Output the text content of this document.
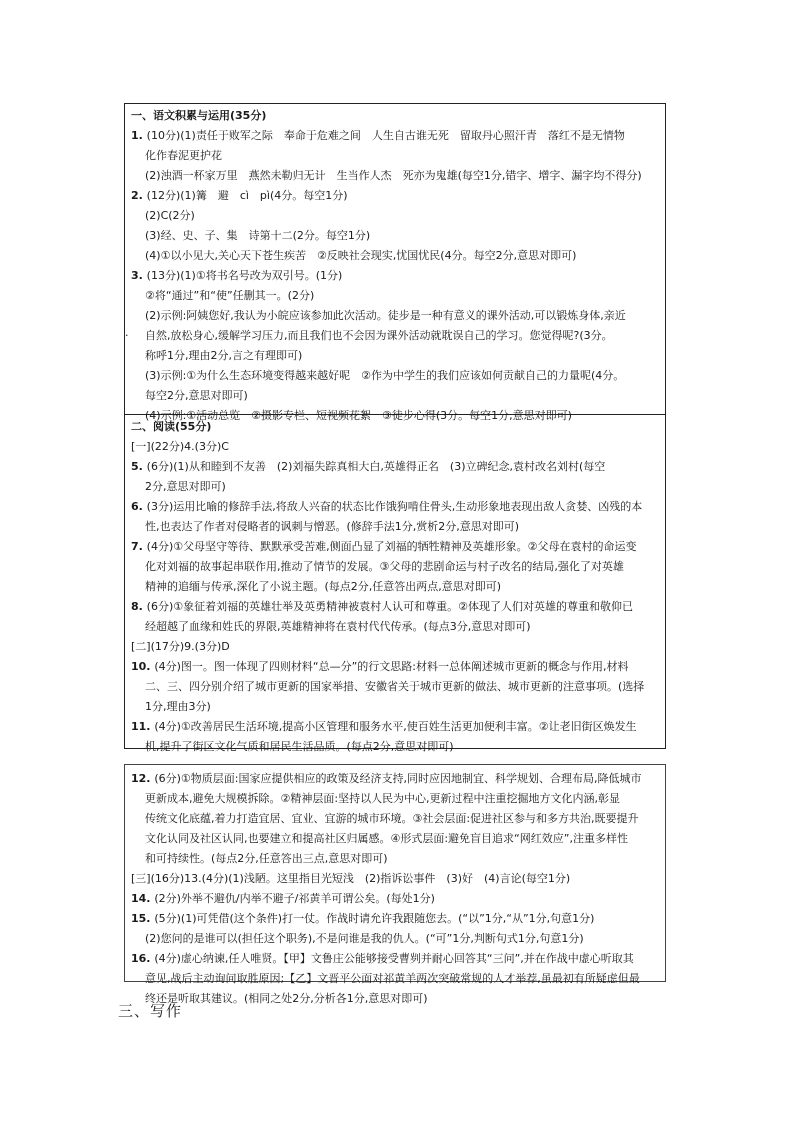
一、语文积累与运用(35分)
1. (10分)(1)责任于败军之际　奉命于危难之间　人生自古谁无死　留取丹心照汗青　落红不是无情物
化作春泥更护花
(2)浊酒一杯家万里　燕然未勒归无计　生当作人杰　死亦为鬼雄(每空1分,错字、增字、漏字均不得分)
2. (12分)(1)篝　避　cì　pì(4分。每空1分)
(2)C(2分)
(3)经、史、子、集　诗第十二(2分。每空1分)
(4)①以小见大,关心天下苍生疾苦　②反映社会现实,忧国忧民(4分。每空2分,意思对即可)
3. (13分)(1)①将书名号改为双引号。(1分)
②将“通过”和“使”任删其一。(2分)
(2)示例:阿姨您好,我认为小皖应该参加此次活动。徒步是一种有意义的课外活动,可以锻炼身体,亲近
· 自然,放松身心,缓解学习压力,而且我们也不会因为课外活动就耽误自己的学习。您觉得呢?(3分。
称呼1分,理由2分,言之有理即可)
(3)示例:①为什么生态环境变得越来越好呢　②作为中学生的我们应该如何贡献自己的力量呢(4分。
每空2分,意思对即可)
(4)示例:①活动总览　②摄影专栏、短视频花絮　③徒步心得(3分。每空1分,意思对即可)
二、阅读(55分)
[一](22分)4.(3分)C
5. (6分)(1)从和睦到不友善　(2)刘福失踪真相大白,英雄得正名　(3)立碑纪念,袁村改名刘村(每空
2分,意思对即可)
6. (3分)运用比喻的修辞手法,将敌人兴奋的状态比作饿狗啃住骨头,生动形象地表现出敌人贪婪、凶残的本
性,也表达了作者对侵略者的讽刺与憎恶。(修辞手法1分,赏析2分,意思对即可)
7. (4分)①父母坚守等待、默默承受苦难,侧面凸显了刘福的牺牲精神及英雄形象。②父母在袁村的命运变
化对刘福的故事起串联作用,推动了情节的发展。③父母的悲剧命运与村子改名的结局,强化了对英雄
精神的追缅与传承,深化了小说主题。(每点2分,任意答出两点,意思对即可)
8. (6分)①象征着刘福的英雄壮举及英勇精神被袁村人认可和尊重。②体现了人们对英雄的尊重和敬仰已
经超越了血缘和姓氏的界限,英雄精神将在袁村代代传承。(每点3分,意思对即可)
[二](17分)9.(3分)D
10. (4分)图一。图一体现了四则材料“总—分”的行文思路:材料一总体阐述城市更新的概念与作用,材料
二、三、四分别介绍了城市更新的国家举措、安徽省关于城市更新的做法、城市更新的注意事项。(选择
1分,理由3分)
11. (4分)①改善居民生活环境,提高小区管理和服务水平,使百姓生活更加便利丰富。②让老旧街区焕发生
机,提升了街区文化气质和居民生活品质。(每点2分,意思对即可)
12. (6分)①物质层面:国家应提供相应的政策及经济支持,同时应因地制宜、科学规划、合理布局,降低城市
更新成本,避免大规模拆除。②精神层面:坚持以人民为中心,更新过程中注重挖掘地方文化内涵,彰显
传统文化底蕴,着力打造宜居、宜业、宜游的城市环境。③社会层面:促进社区参与和多方共治,既要提升
文化认同及社区认同,也要建立和提高社区归属感。④形式层面:避免盲目追求“网红效应”,注重多样性
和可持续性。(每点2分,任意答出三点,意思对即可)
[三](16分)13.(4分)(1)浅陋。这里指目光短浅　(2)指诉讼事件　(3)好　(4)言论(每空1分)
14. (2分)外举不避仇/内举不避子/祁黄羊可谓公矣。(每处1分)
15. (5分)(1)可凭借(这个条件)打一仗。作战时请允许我跟随您去。(“以”1分,“从”1分,句意1分)
(2)您问的是谁可以(担任这个职务),不是问谁是我的仇人。(“可”1分,判断句式1分,句意1分)
16. (4分)虚心纳谏,任人唯贤。【甲】文鲁庄公能够接受曹刿并耐心回答其“三问”,并在作战中虚心听取其
意见,战后主动询问取胜原因;【乙】文晋平公面对祁黄羊两次突破常规的人才举荐,虽最初有所疑虑但最
终还是听取其建议。(相同之处2分,分析各1分,意思对即可)
三、写作
